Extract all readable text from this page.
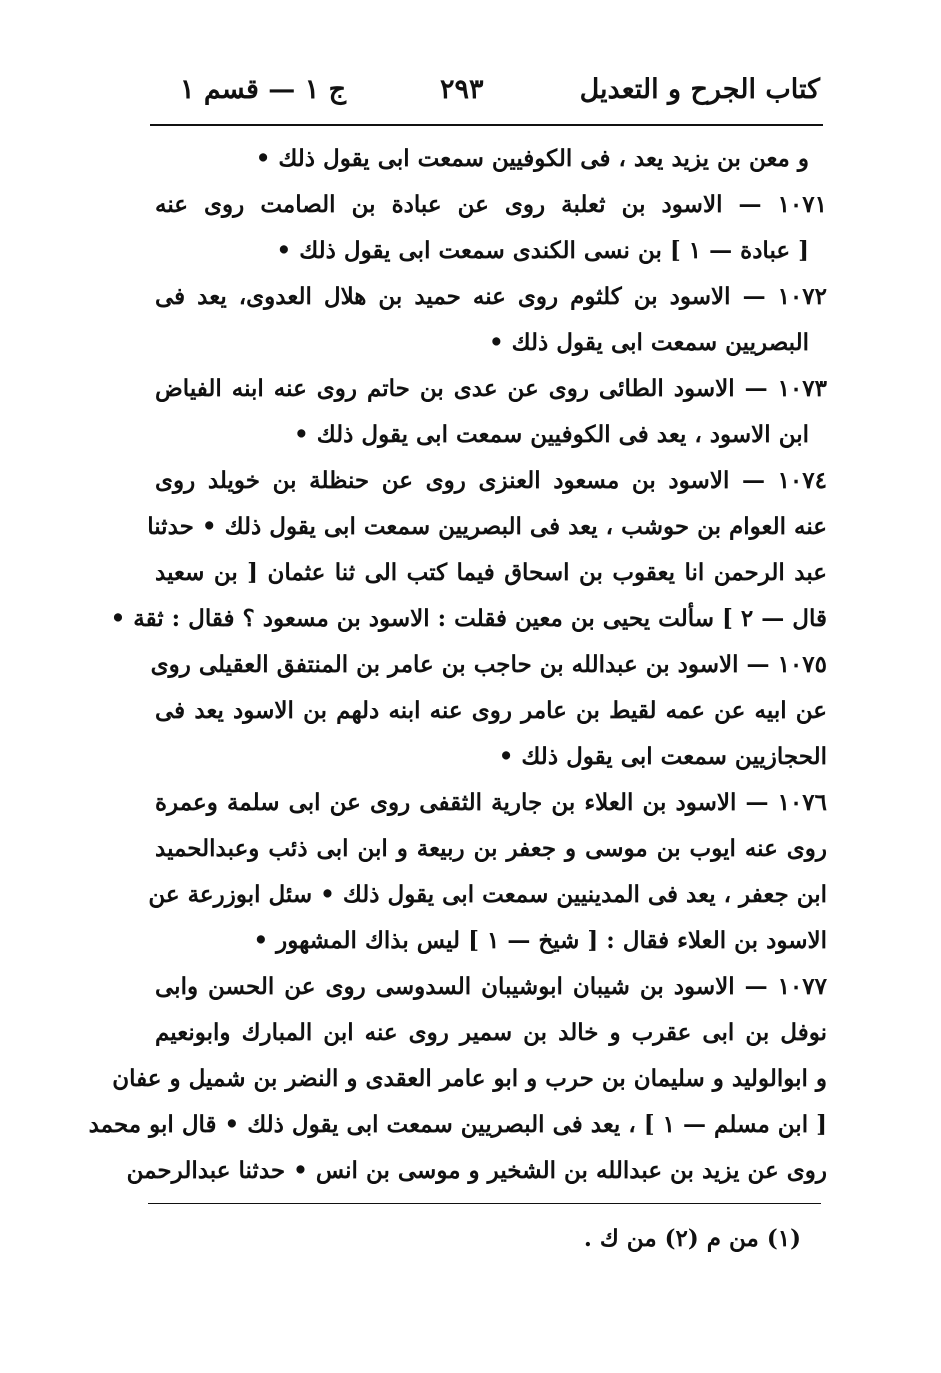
كتاب الجرح و التعديل
٢٩٣
ج ١ — قسم ١
و معن بن يزيد يعد ، فى الكوفيين سمعت ابى يقول ذلك •
١٠٧١ — الاسود بن ثعلبة روى عن عبادة بن الصامت روى عنه
[ عبادة — ١ ] بن نسى الكندى سمعت ابى يقول ذلك •
١٠٧٢ — الاسود بن كلثوم روى عنه حميد بن هلال العدوى، يعد فى
البصريين سمعت ابى يقول ذلك •
١٠٧٣ — الاسود الطائى روى عن عدى بن حاتم روى عنه ابنه الفياض
ابن الاسود ، يعد فى الكوفيين سمعت ابى يقول ذلك •
١٠٧٤ — الاسود بن مسعود العنزى روى عن حنظلة بن خويلد روى
عنه العوام بن حوشب ، يعد فى البصريين سمعت ابى يقول ذلك • حدثنا
عبد الرحمن انا يعقوب بن اسحاق فيما كتب الى ثنا عثمان [ بن سعيد
قال — ٢ ] سألت يحيى بن معين فقلت : الاسود بن مسعود ؟ فقال : ثقة •
١٠٧٥ — الاسود بن عبدالله بن حاجب بن عامر بن المنتفق العقيلى روى
عن ابيه عن عمه لقيط بن عامر روى عنه ابنه دلهم بن الاسود يعد فى
الحجازيين سمعت ابى يقول ذلك •
١٠٧٦ — الاسود بن العلاء بن جارية الثقفى روى عن ابى سلمة وعمرة
روى عنه ايوب بن موسى و جعفر بن ربيعة و ابن ابى ذئب وعبدالحميد
ابن جعفر ، يعد فى المدينيين سمعت ابى يقول ذلك • سئل ابوزرعة عن
الاسود بن العلاء فقال : [ شيخ — ١ ] ليس بذاك المشهور •
١٠٧٧ — الاسود بن شيبان ابوشيبان السدوسى روى عن الحسن وابى
نوفل بن ابى عقرب و خالد بن سمير روى عنه ابن المبارك وابونعيم
و ابوالوليد و سليمان بن حرب و ابو عامر العقدى و النضر بن شميل و عفان
[ ابن مسلم — ١ ] ، يعد فى البصريين سمعت ابى يقول ذلك • قال ابو محمد
روى عن يزيد بن عبدالله بن الشخير و موسى بن انس • حدثنا عبدالرحمن
(١) من م (٢) من ك .
